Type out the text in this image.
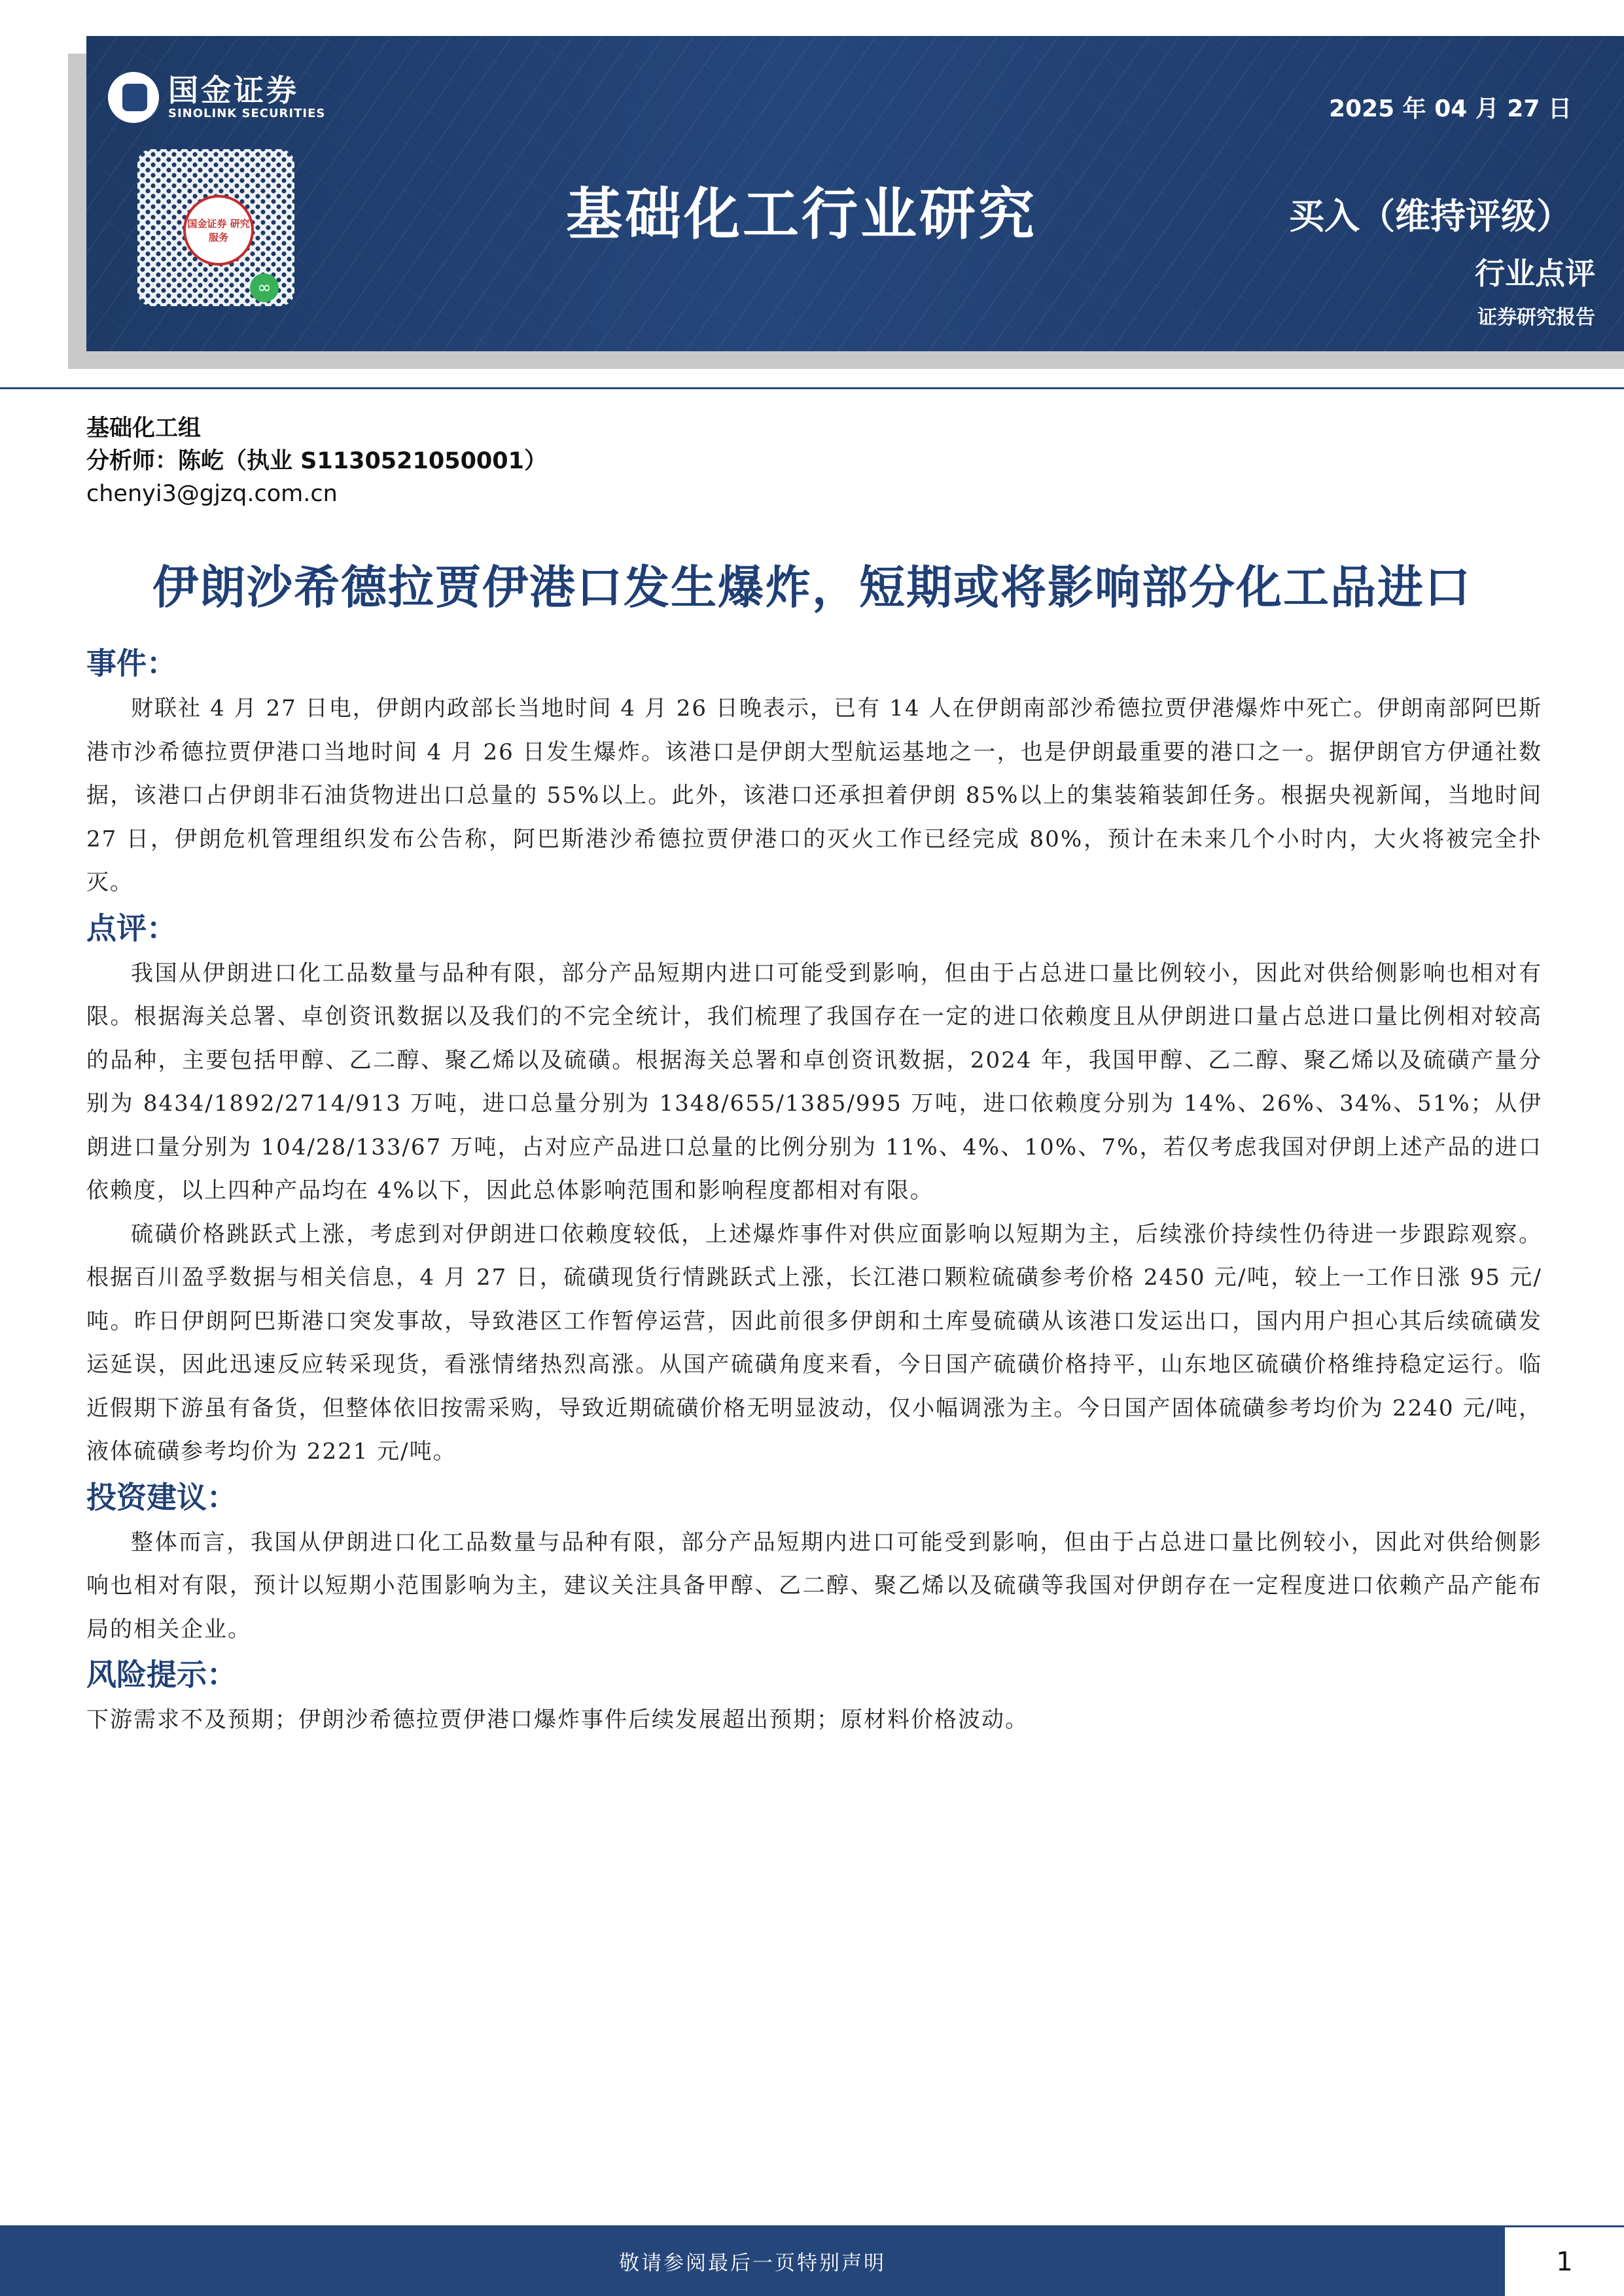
国金证券
SINOLINK SECURITIES
国金证券 研究服务
∞
基础化工行业研究
2025 年 04 月 27 日
买入（维持评级）
行业点评
证券研究报告
基础化工组
分析师：陈屹（执业 S1130521050001）
chenyi3@gjzq.com.cn
伊朗沙希德拉贾伊港口发生爆炸，短期或将影响部分化工品进口
事件：

财联社 4 月 27 日电，伊朗内政部长当地时间 4 月 26 日晚表示，已有 14 人在伊朗南部沙希德拉贾伊港爆炸中死亡。伊朗南部阿巴斯港市沙希德拉贾伊港口当地时间 4 月 26 日发生爆炸。该港口是伊朗大型航运基地之一，也是伊朗最重要的港口之一。据伊朗官方伊通社数据，该港口占伊朗非石油货物进出口总量的 55%以上。此外，该港口还承担着伊朗 85%以上的集装箱装卸任务。根据央视新闻，当地时间 27 日，伊朗危机管理组织发布公告称，阿巴斯港沙希德拉贾伊港口的灭火工作已经完成 80%，预计在未来几个小时内，大火将被完全扑灭。

点评：

我国从伊朗进口化工品数量与品种有限，部分产品短期内进口可能受到影响，但由于占总进口量比例较小，因此对供给侧影响也相对有限。根据海关总署、卓创资讯数据以及我们的不完全统计，我们梳理了我国存在一定的进口依赖度且从伊朗进口量占总进口量比例相对较高的品种，主要包括甲醇、乙二醇、聚乙烯以及硫磺。根据海关总署和卓创资讯数据，2024 年，我国甲醇、乙二醇、聚乙烯以及硫磺产量分别为 8434/1892/2714/913 万吨，进口总量分别为 1348/655/1385/995 万吨，进口依赖度分别为 14%、26%、34%、51%；从伊朗进口量分别为 104/28/133/67 万吨，占对应产品进口总量的比例分别为 11%、4%、10%、7%，若仅考虑我国对伊朗上述产品的进口依赖度，以上四种产品均在 4%以下，因此总体影响范围和影响程度都相对有限。

硫磺价格跳跃式上涨，考虑到对伊朗进口依赖度较低，上述爆炸事件对供应面影响以短期为主，后续涨价持续性仍待进一步跟踪观察。根据百川盈孚数据与相关信息，4 月 27 日，硫磺现货行情跳跃式上涨，长江港口颗粒硫磺参考价格 2450 元/吨，较上一工作日涨 95 元/吨。昨日伊朗阿巴斯港口突发事故，导致港区工作暂停运营，因此前很多伊朗和土库曼硫磺从该港口发运出口，国内用户担心其后续硫磺发运延误，因此迅速反应转采现货，看涨情绪热烈高涨。从国产硫磺角度来看，今日国产硫磺价格持平，山东地区硫磺价格维持稳定运行。临近假期下游虽有备货，但整体依旧按需采购，导致近期硫磺价格无明显波动，仅小幅调涨为主。今日国产固体硫磺参考均价为 2240 元/吨，液体硫磺参考均价为 2221 元/吨。

投资建议：

整体而言，我国从伊朗进口化工品数量与品种有限，部分产品短期内进口可能受到影响，但由于占总进口量比例较小，因此对供给侧影响也相对有限，预计以短期小范围影响为主，建议关注具备甲醇、乙二醇、聚乙烯以及硫磺等我国对伊朗存在一定程度进口依赖产品产能布局的相关企业。

风险提示：

下游需求不及预期；伊朗沙希德拉贾伊港口爆炸事件后续发展超出预期；原材料价格波动。

敬请参阅最后一页特别声明	1
